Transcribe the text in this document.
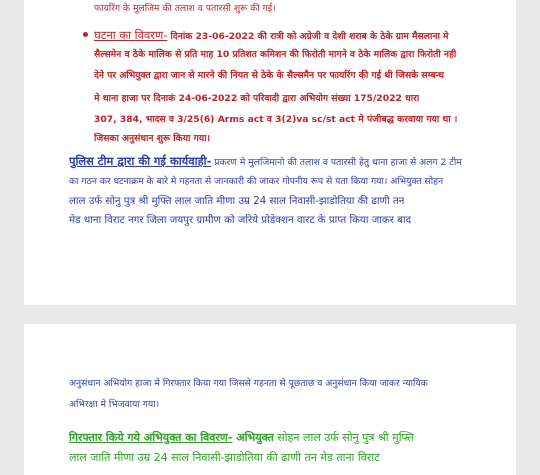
फायरिंग के मुलजिम की तलाश व पतारसी शुरू की गई।
घटना का विवरण- दिनांक 23-06-2022 की रात्री को अग्रेजी व देशी शराब के ठेके ग्राम मैसलाना मे
सैल्समेन व ठेके मालिक से प्रति माह 10 प्रतिशत कमिशन की फिरोती मागने व ठेके मालिक द्वारा फिरोती नही
देने पर अभियुक्त द्वारा जान से मारने की नियत से ठेके के सैल्समैन पर फायरिंग की गई थी जिसके सम्बन्ध
मे थाना हाजा पर दिनाकं 24-06-2022 को परिवादी द्वारा अभियोग संख्या 175/2022 धारा
307, 384, भादस व 3/25(6) Arms act व 3(2)va sc/st act मे पंजीबद्ध करवाया गया था ।
जिसका अनुसंधान शुरू किया गया।
पुलिस टीम द्वारा की गई कार्यवाही- प्रकरण मे मुलजिमानो की तलाश व पतारसी हेतु थाना हाजा से अलग 2 टीम
का गठन कर घटनाक्रम के बारे मे गहनता से जानकारी की जाकर गोपनीय रूप से पता किया गया। अभियुक्त सोहन
लाल उर्फ सोनु पुत्र श्री मुफ्ति लाल जाति मीणा उम्र 24 साल निवासी-झाडोतिया की ढाणी तन
मेड थाना विराट नगर जिला जयपुर ग्रामीण को जरिये प्रोडेक्शन वारट के प्राप्त किया जाकर बाद
अनुसंधान अभियोग हाजा मे गिरफ्तार किया गया जिससे गहनता से पूछताछ व अनुसंधान किया जाकर न्यायिक
अभिरक्षा मे भिजवाया गया।
गिरफ्तार किये गये अभियुक्त का विवरण- अभियुक्त सोहन लाल उर्फ सोनु पुत्र श्री मुफ्ति
लाल जाति मीणा उम्र 24 साल निवासी-झाडोतिया की ढाणी तन मेड ताना विराट
